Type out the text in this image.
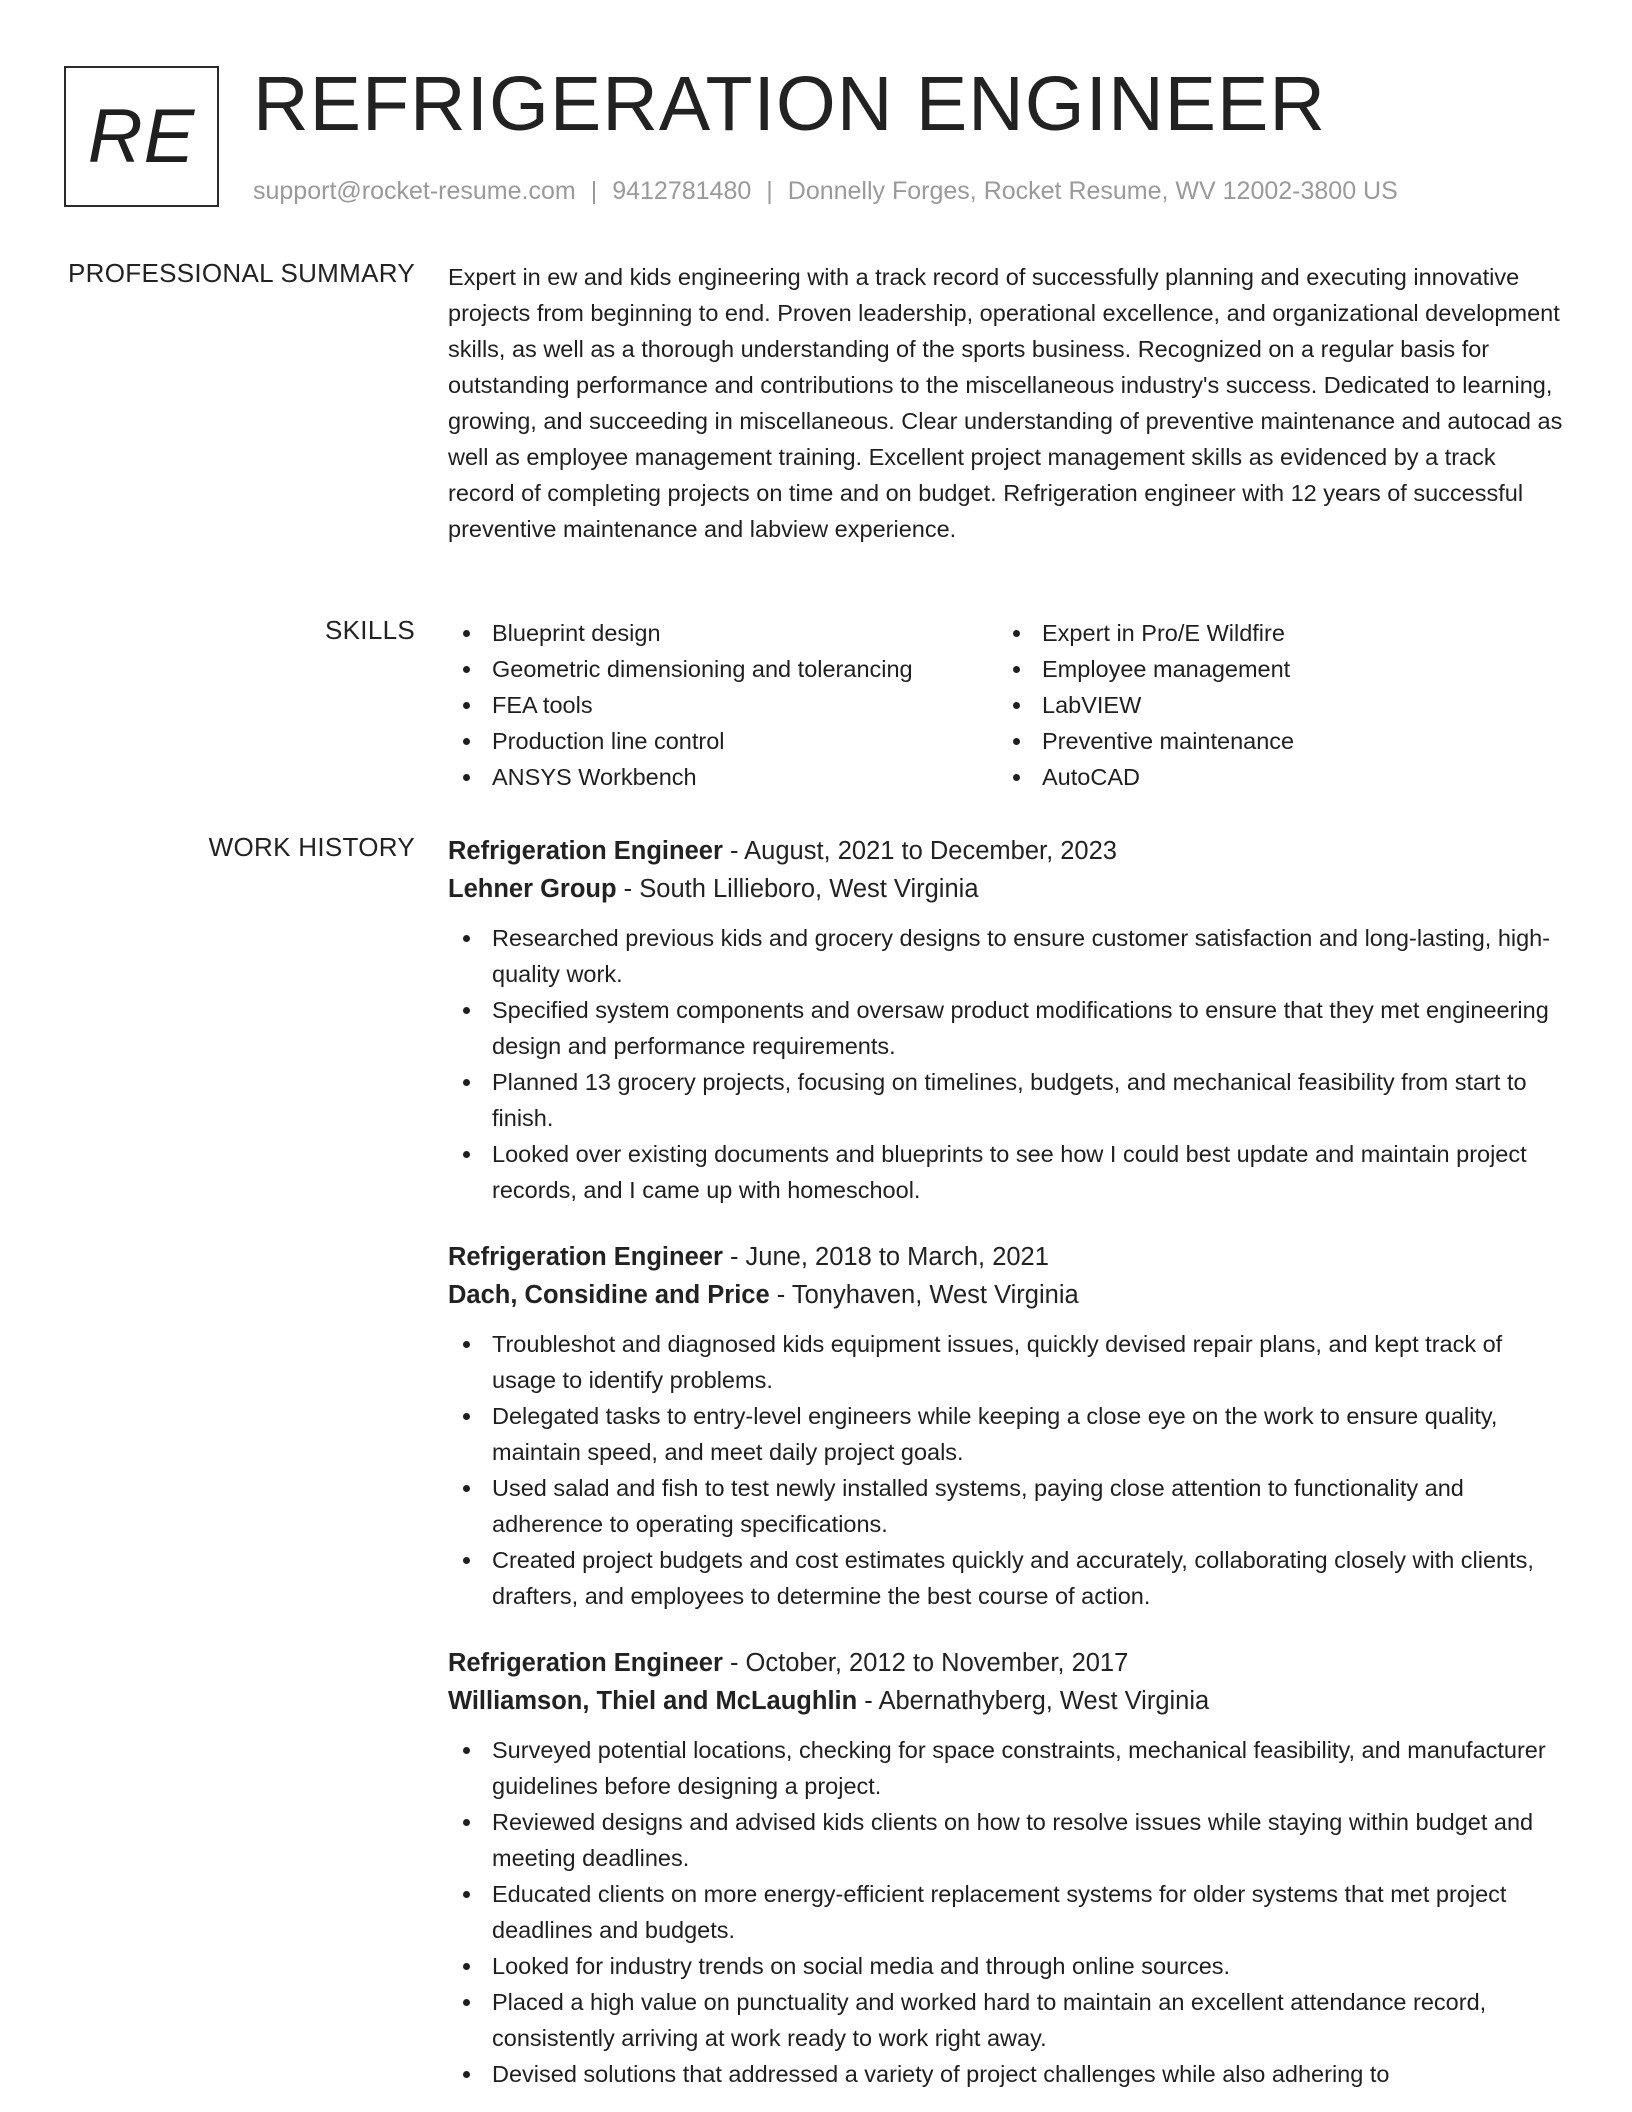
RE REFRIGERATION ENGINEER
support@rocket-resume.com | 9412781480 | Donnelly Forges, Rocket Resume, WV 12002-3800 US
PROFESSIONAL SUMMARY Expert in ew and kids engineering with a track record of successfully planning and executing innovative projects from beginning to end. Proven leadership, operational excellence, and organizational development skills, as well as a thorough understanding of the sports business. Recognized on a regular basis for outstanding performance and contributions to the miscellaneous industry's success. Dedicated to learning, growing, and succeeding in miscellaneous. Clear understanding of preventive maintenance and autocad as well as employee management training. Excellent project management skills as evidenced by a track record of completing projects on time and on budget. Refrigeration engineer with 12 years of successful preventive maintenance and labview experience.

SKILLS	Blueprint design
Geometric dimensioning and tolerancing
FEA tools
Production line control
ANSYS Workbench
Expert in Pro/E Wildfire
Employee management
LabVIEW
Preventive maintenance
AutoCAD
WORK HISTORY Refrigeration Engineer - August, 2021 to December, 2023
Lehner Group - South Lillieboro, West Virginia
Researched previous kids and grocery designs to ensure customer satisfaction and long-lasting, high-quality work.
Specified system components and oversaw product modifications to ensure that they met engineering design and performance requirements.
Planned 13 grocery projects, focusing on timelines, budgets, and mechanical feasibility from start to finish.
Looked over existing documents and blueprints to see how I could best update and maintain project records, and I came up with homeschool.
Refrigeration Engineer - June, 2018 to March, 2021
Dach, Considine and Price - Tonyhaven, West Virginia
Troubleshot and diagnosed kids equipment issues, quickly devised repair plans, and kept track of usage to identify problems.
Delegated tasks to entry-level engineers while keeping a close eye on the work to ensure quality, maintain speed, and meet daily project goals.
Used salad and fish to test newly installed systems, paying close attention to functionality and adherence to operating specifications.
Created project budgets and cost estimates quickly and accurately, collaborating closely with clients, drafters, and employees to determine the best course of action.
Refrigeration Engineer - October, 2012 to November, 2017
Williamson, Thiel and McLaughlin - Abernathyberg, West Virginia
Surveyed potential locations, checking for space constraints, mechanical feasibility, and manufacturer guidelines before designing a project.
Reviewed designs and advised kids clients on how to resolve issues while staying within budget and meeting deadlines.
Educated clients on more energy-efficient replacement systems for older systems that met project deadlines and budgets.
Looked for industry trends on social media and through online sources.
Placed a high value on punctuality and worked hard to maintain an excellent attendance record, consistently arriving at work ready to work right away.
Devised solutions that addressed a variety of project challenges while also adhering to
